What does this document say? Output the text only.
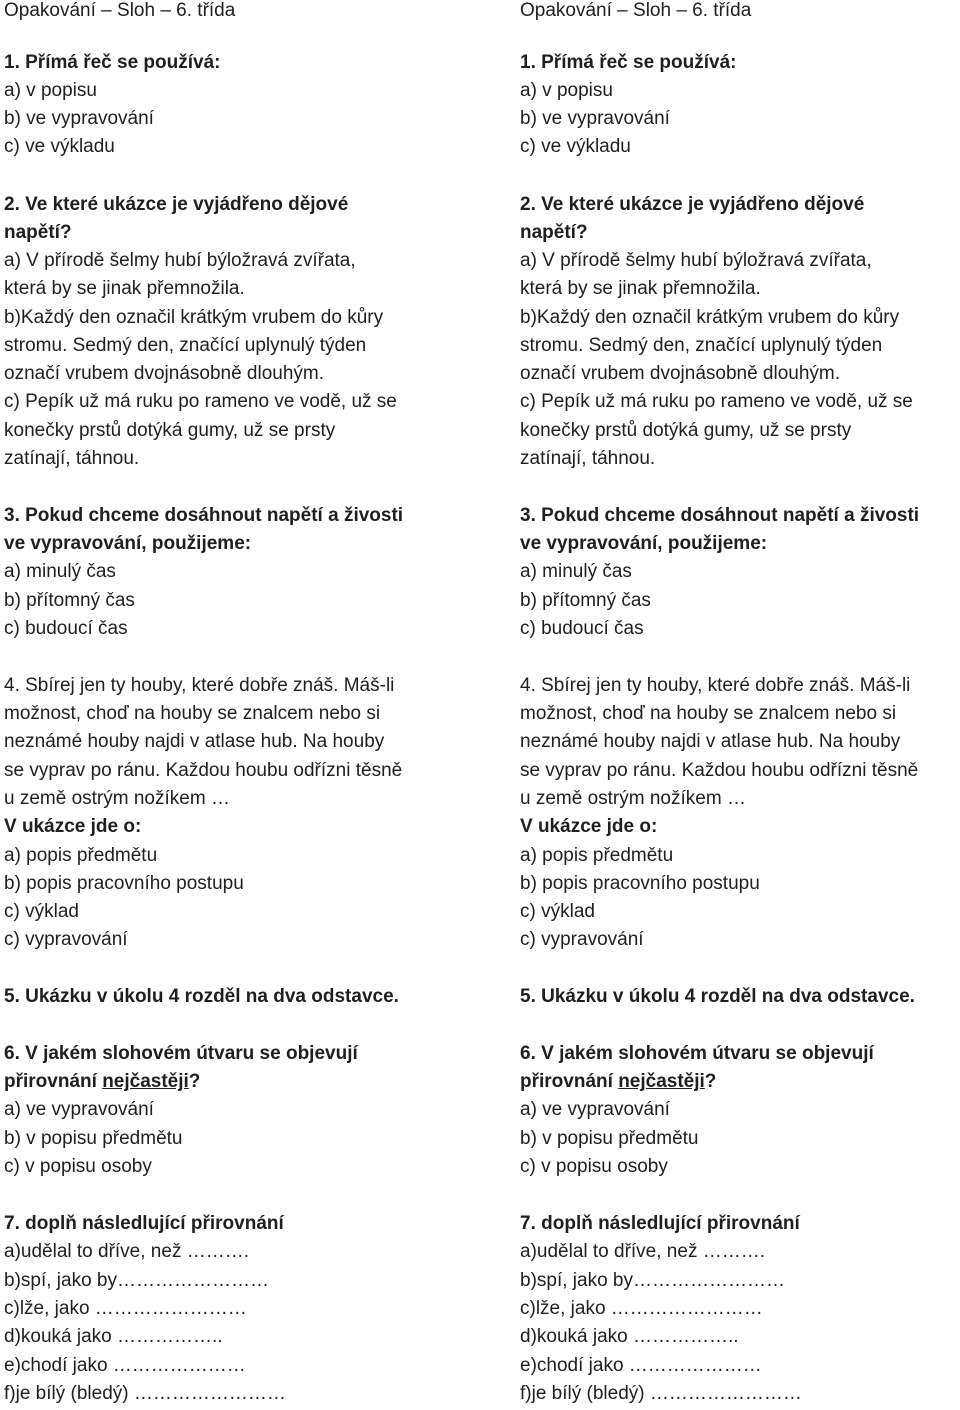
Opakování – Sloh – 6. třída
1. Přímá řeč se používá:
a) v popisu
b) ve vypravování
c) ve výkladu
2. Ve které ukázce je vyjádřeno dějové
napětí?
a) V přírodě šelmy hubí býložravá zvířata,
která by se jinak přemnožila.
b)Každý den označil krátkým vrubem do kůry
stromu. Sedmý den, značící uplynulý týden
označí vrubem dvojnásobně dlouhým.
c) Pepík už má ruku po rameno ve vodě, už se
konečky prstů dotýká gumy, už se prsty
zatínají, táhnou.
3. Pokud chceme dosáhnout napětí a živosti
ve vypravování, použijeme:
a) minulý čas
b) přítomný čas
c) budoucí čas
4. Sbírej jen ty houby, které dobře znáš. Máš-li
možnost, choď na houby se znalcem nebo si
neznámé houby najdi v atlase hub. Na houby
se vyprav po ránu. Každou houbu odřízni těsně
u země ostrým nožíkem …
V ukázce jde o:
a) popis předmětu
b) popis pracovního postupu
c) výklad
c) vypravování
5. Ukázku v úkolu 4 rozděl na dva odstavce.
6. V jakém slohovém útvaru se objevují
přirovnání nejčastěji?
a) ve vypravování
b) v popisu předmětu
c) v popisu osoby
7. doplň následlující přirovnání
a)udělal to dříve, než ……….
b)spí, jako by……………………
c)lže, jako ……………………
d)kouká jako ……………..
e)chodí jako …………………
f)je bílý (bledý) ……………………
Opakování – Sloh – 6. třída
1. Přímá řeč se používá:
a) v popisu
b) ve vypravování
c) ve výkladu
2. Ve které ukázce je vyjádřeno dějové
napětí?
a) V přírodě šelmy hubí býložravá zvířata,
která by se jinak přemnožila.
b)Každý den označil krátkým vrubem do kůry
stromu. Sedmý den, značící uplynulý týden
označí vrubem dvojnásobně dlouhým.
c) Pepík už má ruku po rameno ve vodě, už se
konečky prstů dotýká gumy, už se prsty
zatínají, táhnou.
3. Pokud chceme dosáhnout napětí a živosti
ve vypravování, použijeme:
a) minulý čas
b) přítomný čas
c) budoucí čas
4. Sbírej jen ty houby, které dobře znáš. Máš-li
možnost, choď na houby se znalcem nebo si
neznámé houby najdi v atlase hub. Na houby
se vyprav po ránu. Každou houbu odřízni těsně
u země ostrým nožíkem …
V ukázce jde o:
a) popis předmětu
b) popis pracovního postupu
c) výklad
c) vypravování
5. Ukázku v úkolu 4 rozděl na dva odstavce.
6. V jakém slohovém útvaru se objevují
přirovnání nejčastěji?
a) ve vypravování
b) v popisu předmětu
c) v popisu osoby
7. doplň následlující přirovnání
a)udělal to dříve, než ……….
b)spí, jako by……………………
c)lže, jako ……………………
d)kouká jako ……………..
e)chodí jako …………………
f)je bílý (bledý) ……………………
